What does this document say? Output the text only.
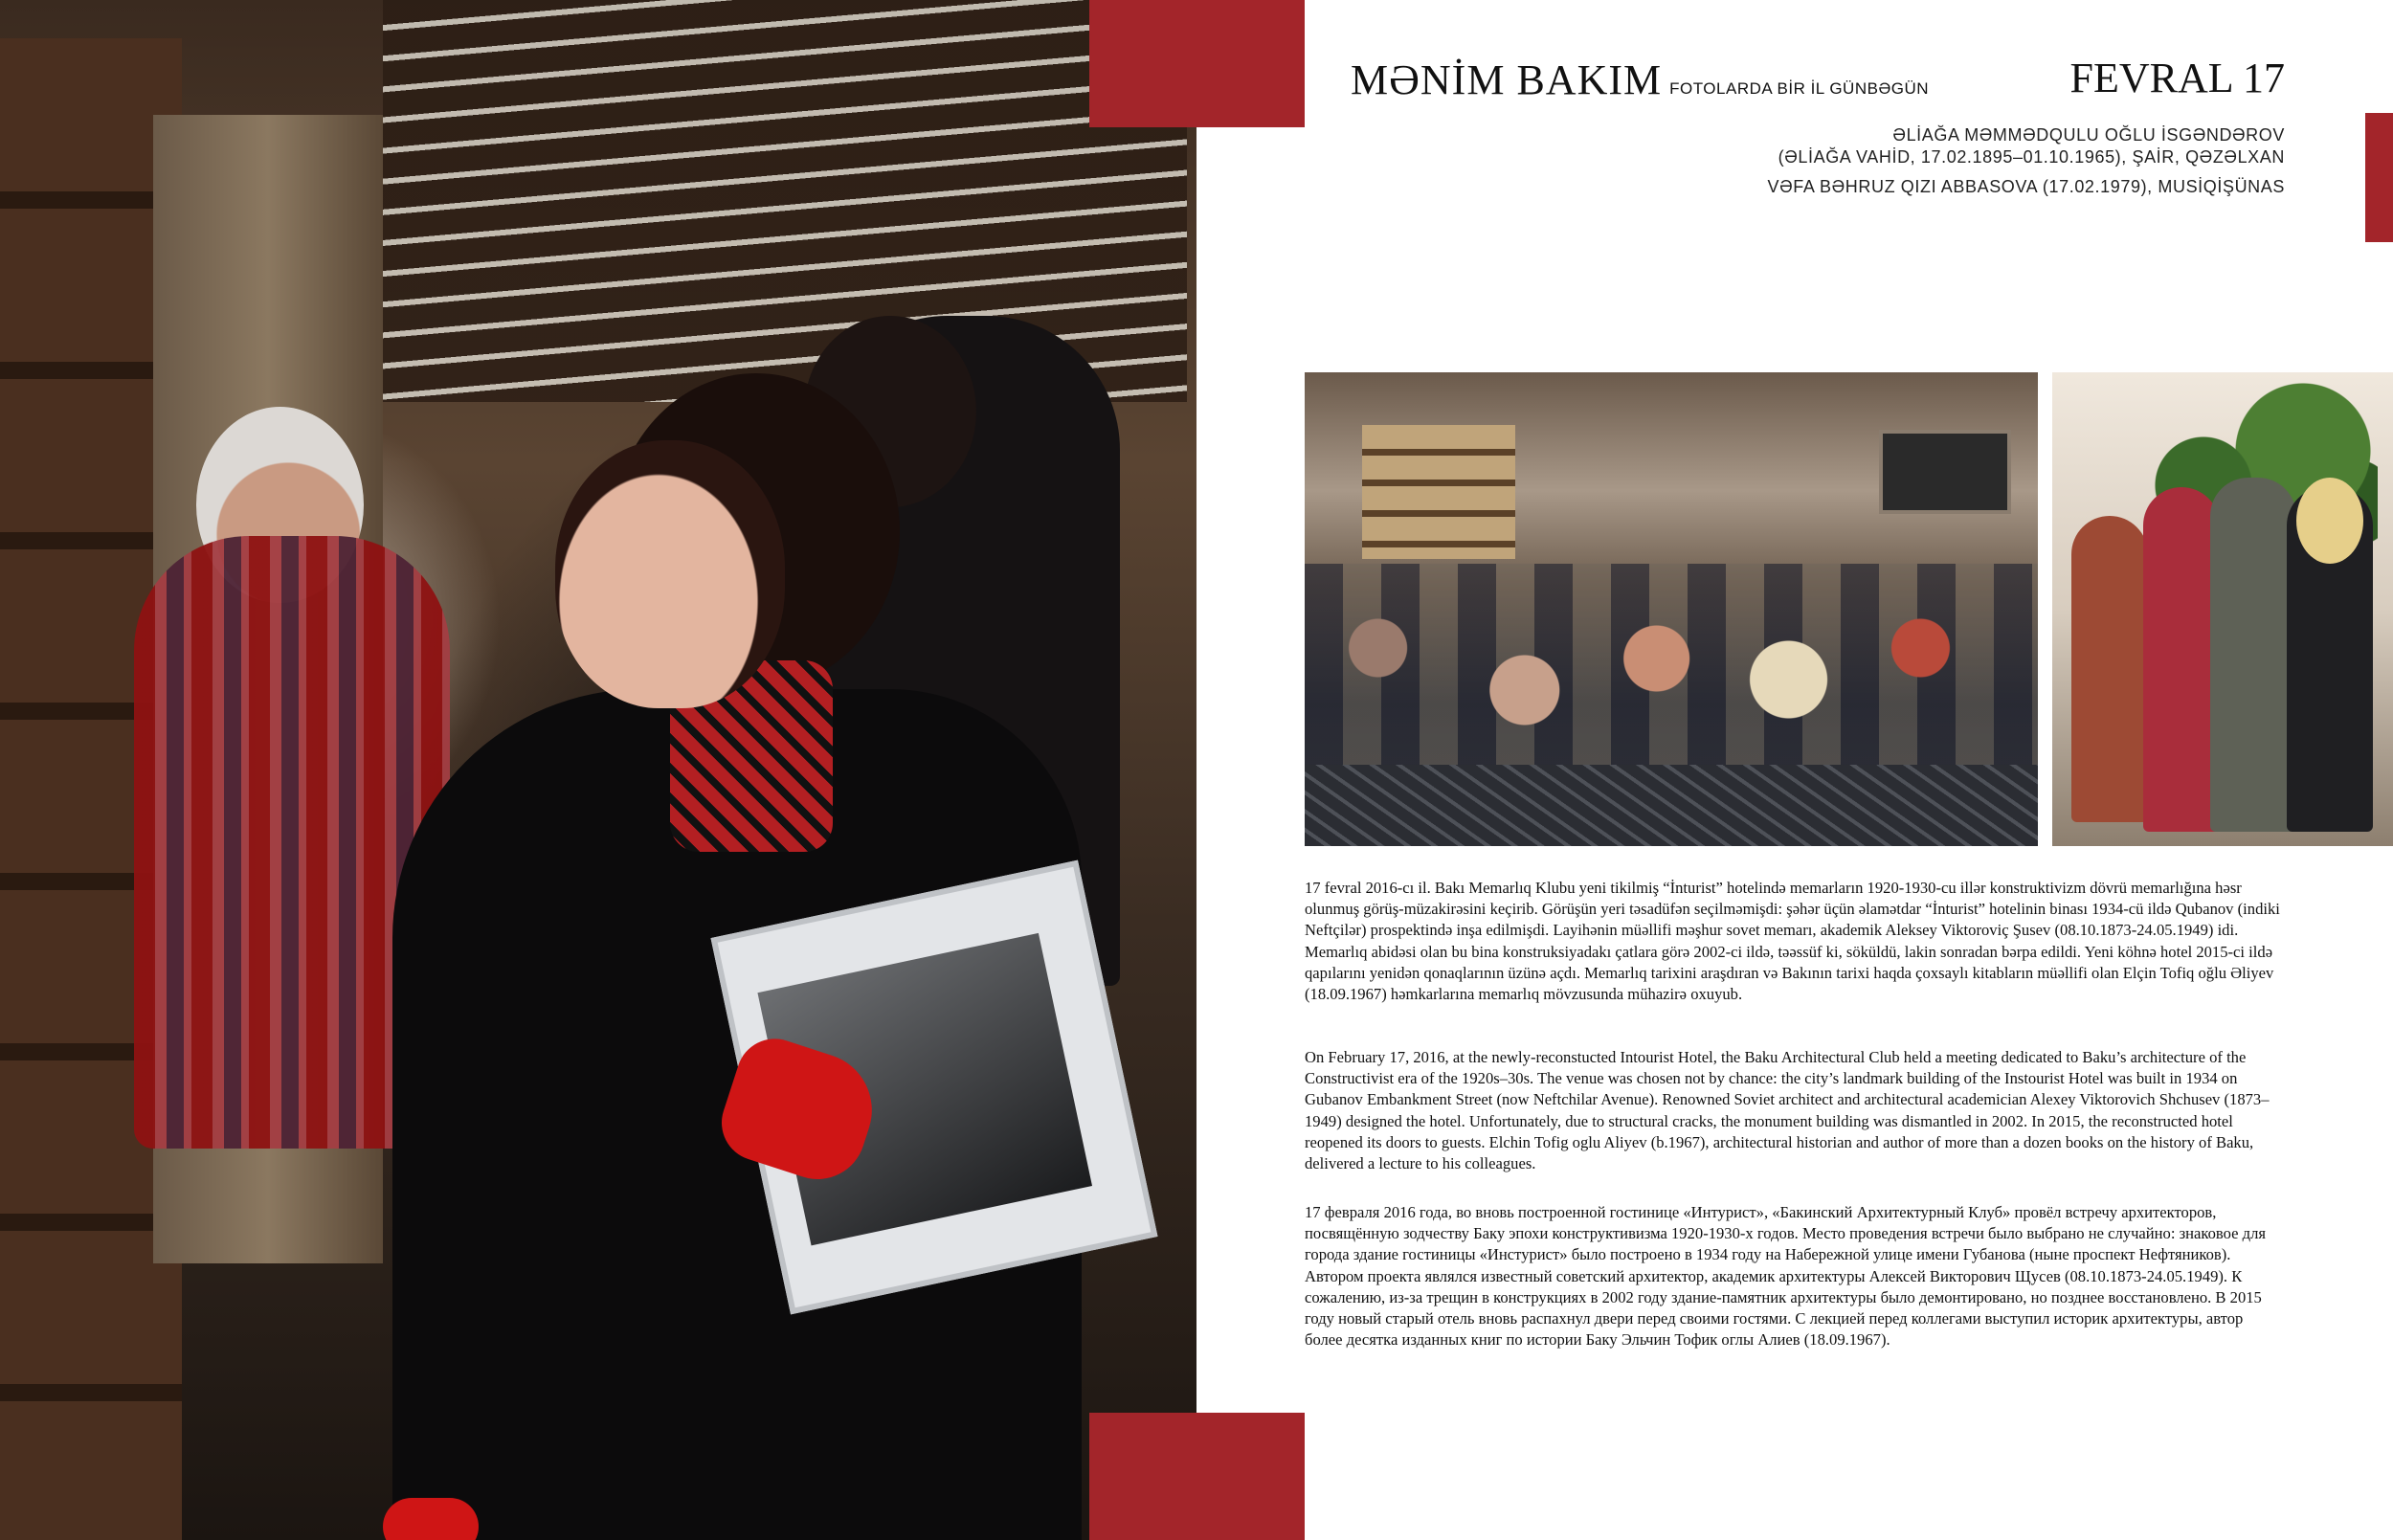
MƏNİM BAKIM FOTOLARDA BİR İL GÜNBƏGÜN	FEVRAL 17
ƏLİAĞA MƏMMƏDQULU OĞLU İSGƏNDƏROV
(ƏLİAĞA VAHİD, 17.02.1895–01.10.1965), ŞAİR, QƏZƏLXAN
VƏFA BƏHRUZ QIZI ABBASOVA (17.02.1979), MUSİQİŞÜNAS

17 fevral 2016-cı il. Bakı Memarlıq Klubu yeni tikilmiş “İnturist” hotelində memarların 1920-1930-cu illər konstruktivizm dövrü memarlığına həsr olunmuş görüş-müzakirəsini keçirib. Görüşün yeri təsadüfən seçilməmişdi: şəhər üçün əlamətdar “İnturist” hotelinin binası 1934-cü ildə Qubanov (indiki Neftçilər) prospektində inşa edilmişdi. Layihənin müəllifi məşhur sovet memarı, akademik Aleksey Viktoroviç Şusev (08.10.1873-24.05.1949) idi. Memarlıq abidəsi olan bu bina konstruksiyadakı çatlara görə 2002-ci ildə, təəssüf ki, söküldü, lakin sonradan bərpa edildi. Yeni köhnə hotel 2015-ci ildə qapılarını yenidən qonaqlarının üzünə açdı. Memarlıq tarixini araşdıran və Bakının tarixi haqda çoxsaylı kitabların müəllifi olan Elçin Tofiq oğlu Əliyev (18.09.1967) həmkarlarına memarlıq mövzusunda mühazirə oxuyub.

On February 17, 2016, at the newly-reconstucted Intourist Hotel, the Baku Architectural Club held a meeting dedicated to Baku’s architecture of the Constructivist era of the 1920s–30s. The venue was chosen not by chance: the city’s landmark building of the Instourist Hotel was built in 1934 on Gubanov Embankment Street (now Neftchilar Avenue). Renowned Soviet architect and architectural academician Alexey Viktorovich Shchusev (1873–1949) designed the hotel. Unfortunately, due to structural cracks, the monument building was dismantled in 2002. In 2015, the reconstructed hotel reopened its doors to guests. Elchin Tofig oglu Aliyev (b.1967), architectural historian and author of more than a dozen books on the history of Baku, delivered a lecture to his colleagues.

17 февраля 2016 года, во вновь построенной гостинице «Интурист», «Бакинский Архитектурный Клуб» провёл встречу архитекторов, посвящённую зодчеству Баку эпохи конструктивизма 1920-1930-х годов. Место проведения встречи было выбрано не случайно: знаковое для города здание гостиницы «Инстурист» было построено в 1934 году на Набережной улице имени Губанова (ныне проспект Нефтяников). Автором проекта являлся известный советский архитектор, академик архитектуры Алексей Викторович Щусев (08.10.1873-24.05.1949). К сожалению, из-за трещин в конструкциях в 2002 году здание-памятник архитектуры было демонтировано, но позднее восстановлено. В 2015 году новый старый отель вновь распахнул двери перед своими гостями. С лекцией перед коллегами выступил историк архитектуры, автор более десятка изданных книг по истории Баку Эльчин Тофик оглы Алиев (18.09.1967).
